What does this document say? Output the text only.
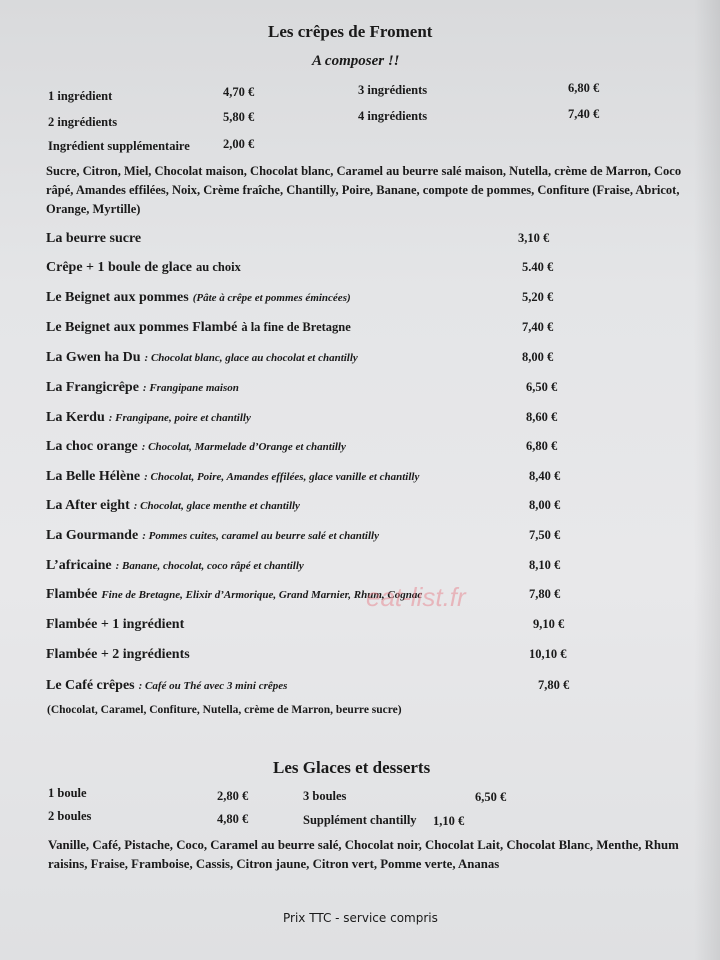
Les crêpes de Froment
A composer !!
1 ingrédient	4,70 €	3 ingrédients	6,80 €
2 ingrédients	5,80 €	4 ingrédients	7,40 €
Ingrédient supplémentaire	2,00 €
Sucre, Citron, Miel, Chocolat maison, Chocolat blanc, Caramel au beurre salé maison, Nutella, crème de Marron, Coco râpé, Amandes effilées, Noix, Crème fraîche, Chantilly, Poire, Banane, compote de pommes, Confiture (Fraise, Abricot, Orange, Myrtille)
La beurre sucre	3,10 €
Crêpe + 1 boule de glace au choix	5.40 €
Le Beignet aux pommes (Pâte à crêpe et pommes émincées)	5,20 €
Le Beignet aux pommes Flambé à la fine de Bretagne	7,40 €
La Gwen ha Du : Chocolat blanc, glace au chocolat et chantilly	8,00 €
La Frangicrêpe : Frangipane maison	6,50 €
La Kerdu : Frangipane, poire et chantilly	8,60 €
La choc orange : Chocolat, Marmelade d’Orange et chantilly	6,80 €
La Belle Hélène : Chocolat, Poire, Amandes effilées, glace vanille et chantilly	8,40 €
La After eight : Chocolat, glace menthe et chantilly	8,00 €
La Gourmande : Pommes cuites, caramel au beurre salé et chantilly	7,50 €
L’africaine : Banane, chocolat, coco râpé et chantilly	8,10 €
Flambée Fine de Bretagne, Elixir d’Armorique, Grand Marnier, Rhum, Cognac	7,80 €
Flambée + 1 ingrédient	9,10 €
Flambée + 2 ingrédients	10,10 €
Le Café crêpes : Café ou Thé avec 3 mini crêpes	7,80 €
(Chocolat, Caramel, Confiture, Nutella, crème de Marron, beurre sucre)
Les Glaces et desserts
1 boule	2,80 €	3 boules	6,50 €
2 boules	4,80 €	Supplément chantilly 1,10 €
Vanille, Café, Pistache, Coco, Caramel au beurre salé, Chocolat noir, Chocolat Lait, Chocolat Blanc, Menthe, Rhum raisins, Fraise, Framboise, Cassis, Citron jaune, Citron vert, Pomme verte, Ananas
Prix TTC - service compris
eat-list.fr
